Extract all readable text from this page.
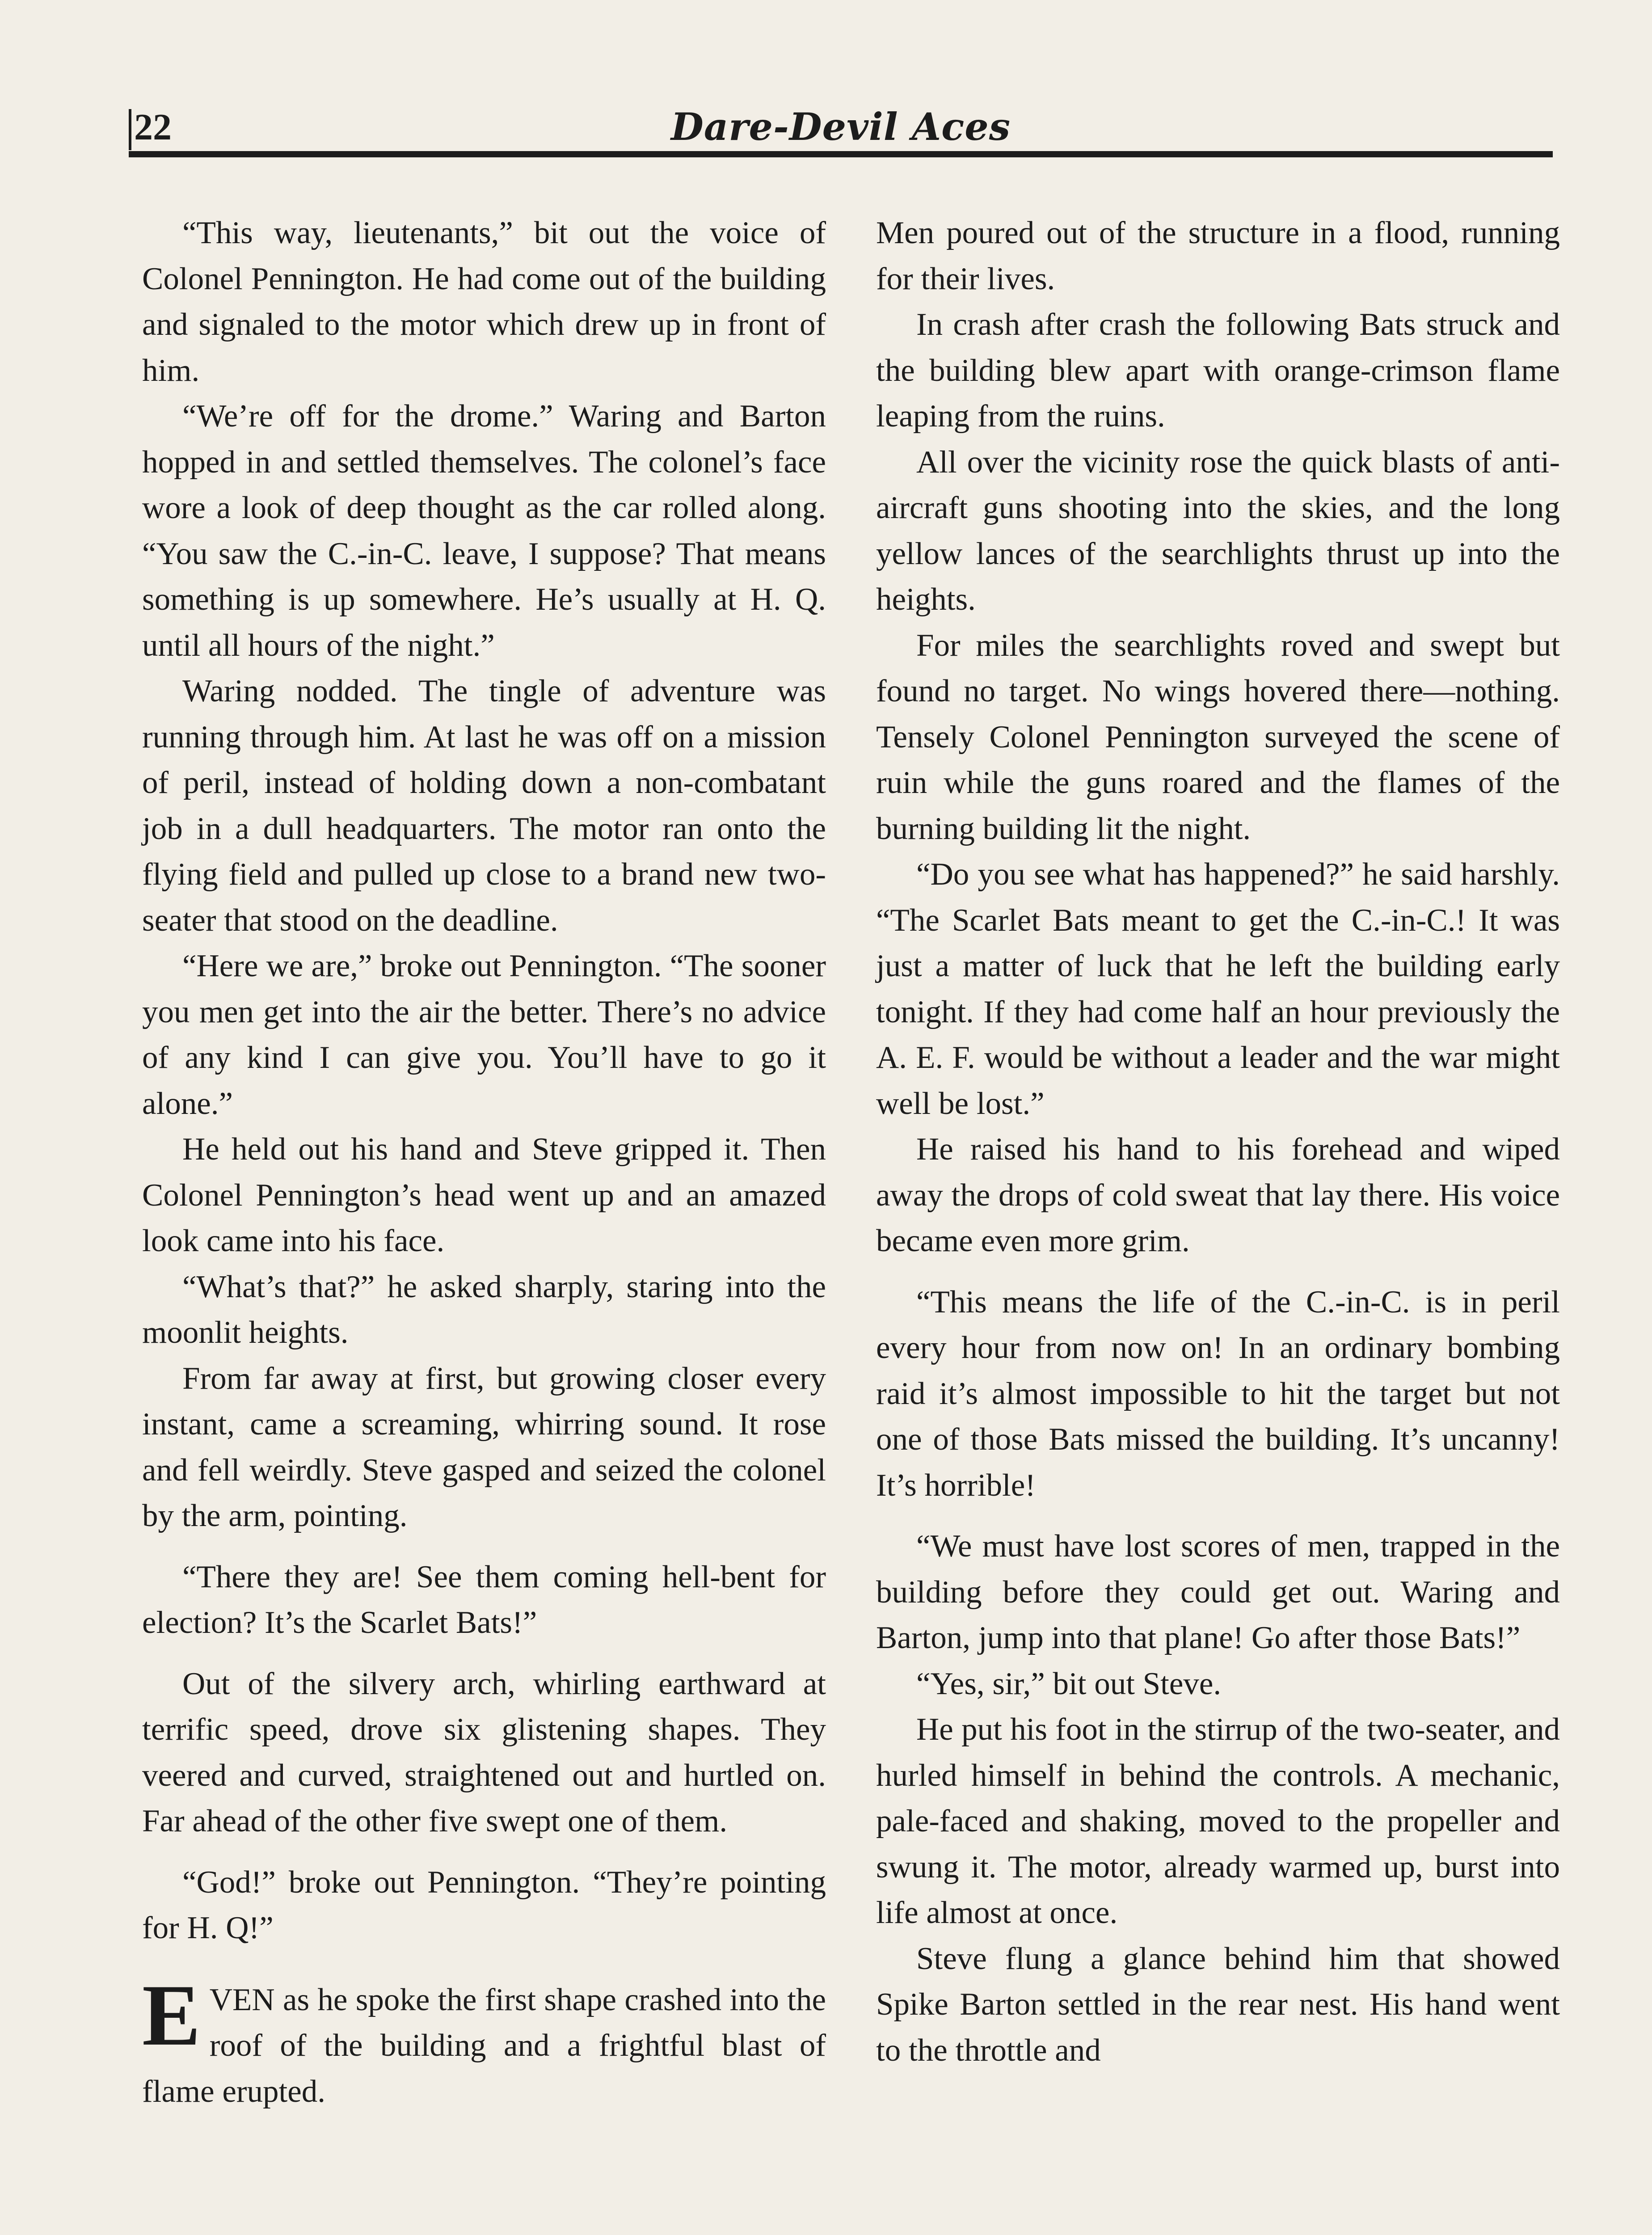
22	Dare-Devil Aces

“This way, lieutenants,” bit out the voice of Colonel Pennington. He had come out of the building and signaled to the motor which drew up in front of him.

“We’re off for the drome.” Waring and Barton hopped in and settled themselves. The colonel’s face wore a look of deep thought as the car rolled along. “You saw the C.-in-C. leave, I suppose? That means something is up somewhere. He’s usually at H. Q. until all hours of the night.”

Waring nodded. The tingle of adventure was running through him. At last he was off on a mission of peril, instead of holding down a non-combatant job in a dull headquarters. The motor ran onto the flying field and pulled up close to a brand new two-seater that stood on the deadline.

“Here we are,” broke out Pennington. “The sooner you men get into the air the better. There’s no advice of any kind I can give you. You’ll have to go it alone.”

He held out his hand and Steve gripped it. Then Colonel Pennington’s head went up and an amazed look came into his face.

“What’s that?” he asked sharply, staring into the moonlit heights.

From far away at first, but growing closer every instant, came a screaming, whirring sound. It rose and fell weirdly. Steve gasped and seized the colonel by the arm, pointing.

“There they are! See them coming hell-bent for election? It’s the Scarlet Bats!”

Out of the silvery arch, whirling earthward at terrific speed, drove six glistening shapes. They veered and curved, straightened out and hurtled on. Far ahead of the other five swept one of them.

“God!” broke out Pennington. “They’re pointing for H. Q!”

EVEN as he spoke the first shape crashed into the roof of the building and a frightful blast of flame erupted.

Men poured out of the structure in a flood, running for their lives.

In crash after crash the following Bats struck and the building blew apart with orange-crimson flame leaping from the ruins.

All over the vicinity rose the quick blasts of anti-aircraft guns shooting into the skies, and the long yellow lances of the searchlights thrust up into the heights.

For miles the searchlights roved and swept but found no target. No wings hovered there—nothing. Tensely Colonel Pennington surveyed the scene of ruin while the guns roared and the flames of the burning building lit the night.

“Do you see what has happened?” he said harshly. “The Scarlet Bats meant to get the C.-in-C.! It was just a matter of luck that he left the building early tonight. If they had come half an hour previously the A. E. F. would be without a leader and the war might well be lost.”

He raised his hand to his forehead and wiped away the drops of cold sweat that lay there. His voice became even more grim.

“This means the life of the C.-in-C. is in peril every hour from now on! In an ordinary bombing raid it’s almost impossible to hit the target but not one of those Bats missed the building. It’s uncanny! It’s horrible!

“We must have lost scores of men, trapped in the building before they could get out. Waring and Barton, jump into that plane! Go after those Bats!”

“Yes, sir,” bit out Steve.

He put his foot in the stirrup of the two-seater, and hurled himself in behind the controls. A mechanic, pale-faced and shaking, moved to the propeller and swung it. The motor, already warmed up, burst into life almost at once.

Steve flung a glance behind him that showed Spike Barton settled in the rear nest. His hand went to the throttle and
